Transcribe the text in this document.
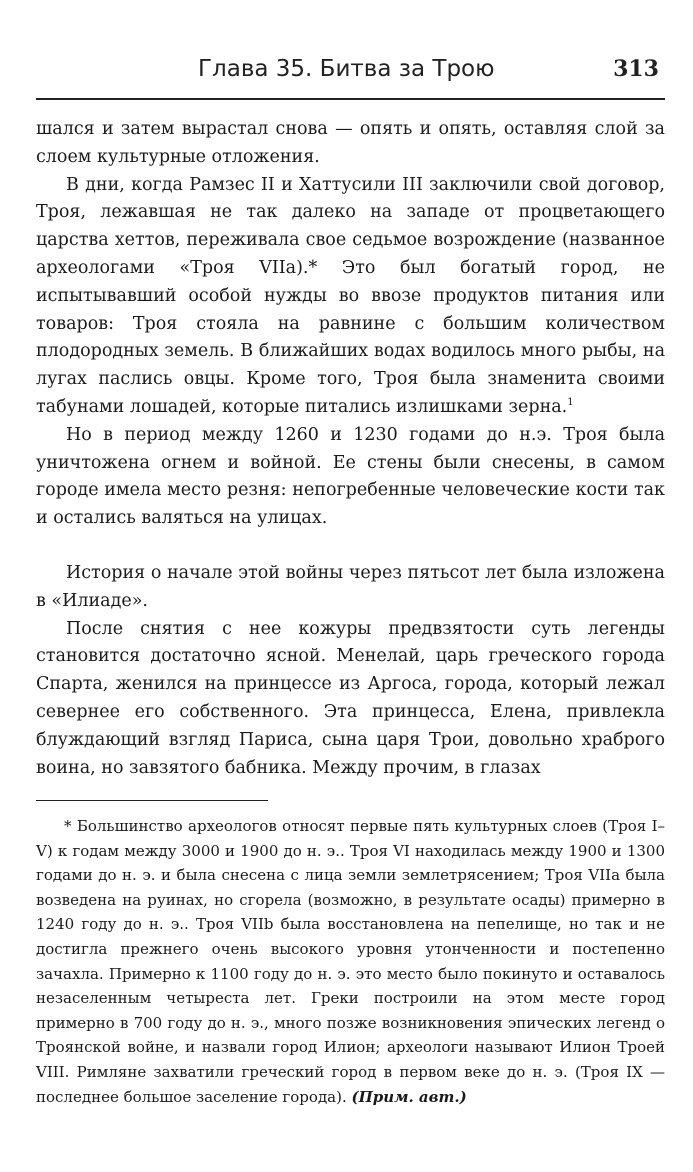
Глава 35. Битва за Трою	313

шался и затем вырастал снова — опять и опять, оставляя слой за слоем культурные отложения.

В дни, когда Рамзес II и Хаттусили III заключили свой договор, Троя, лежавшая не так далеко на западе от процветающего царства хеттов, переживала свое седьмое возрождение (названное археологами «Троя VIIa).* Это был богатый город, не испытывавший особой нужды во ввозе продуктов питания или товаров: Троя стояла на равнине с большим количеством плодородных земель. В ближайших водах водилось много рыбы, на лугах паслись овцы. Кроме того, Троя была знаменита своими табунами лошадей, которые питались излишками зерна.$^1$

Но в период между 1260 и 1230 годами до н.э. Троя была уничтожена огнем и войной. Ее стены были снесены, в самом городе имела место резня: непогребенные человеческие кости так и остались валяться на улицах.

История о начале этой войны через пятьсот лет была изложена в «Илиаде».

После снятия с нее кожуры предвзятости суть легенды становится достаточно ясной. Менелай, царь греческого города Спарта, женился на принцессе из Аргоса, города, который лежал севернее его собственного. Эта принцесса, Елена, привлекла блуждающий взгляд Париса, сына царя Трои, довольно храброго воина, но завзятого бабника. Между прочим, в глазах

* Большинство археологов относят первые пять культурных слоев (Троя I–V) к годам между 3000 и 1900 до н. э.. Троя VI находилась между 1900 и 1300 годами до н. э. и была снесена с лица земли землетрясением; Троя VIIa была возведена на руинах, но сгорела (возможно, в результате осады) примерно в 1240 году до н. э.. Троя VIIb была восстановлена на пепелище, но так и не достигла прежнего очень высокого уровня утонченности и постепенно зачахла. Примерно к 1100 году до н. э. это место было покинуто и оставалось незаселенным четыреста лет. Греки построили на этом месте город примерно в 700 году до н. э., много позже возникновения эпических легенд о Троянской войне, и назвали город Илион; археологи называют Илион Троей VIII. Римляне захватили греческий город в первом веке до н. э. (Троя IX — последнее большое заселение города). (Прим. авт.)
